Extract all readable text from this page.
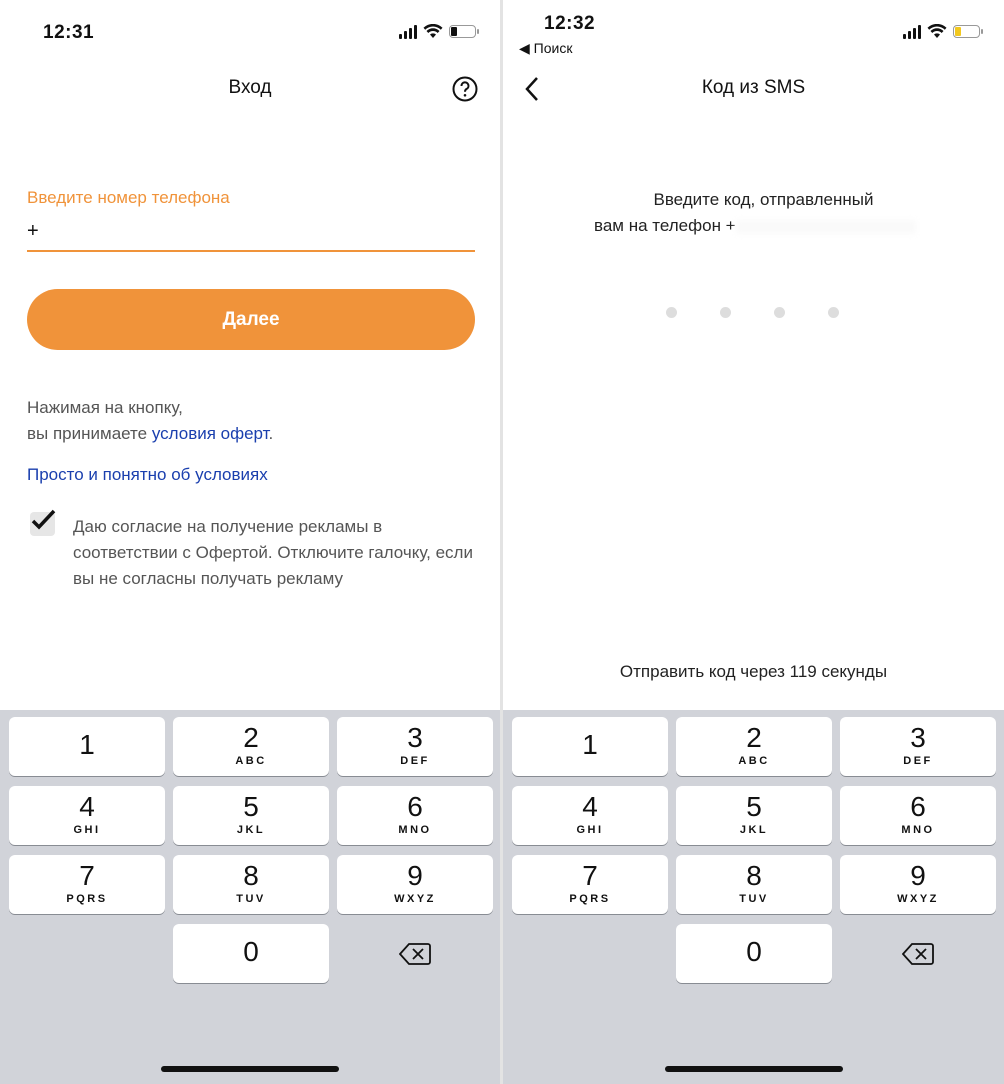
12:31
Вход
Введите номер телефона
+
Далее
Нажимая на кнопку,
вы принимаете условия оферт.
Просто и понятно об условиях
Даю согласие на получение рекламы в соответствии с Офертой. Отключите галочку, если вы не согласны получать рекламу
1	2
ABC
3
DEF
4
GHI
5
JKL
6
MNO
7
PQRS
8
TUV
9
WXYZ
0
12:32
◀ Поиск
Код из SMS
Введите код, отправленный
вам на телефон +
Отправить код через 119 секунды
1	2
ABC
3
DEF
4
GHI
5
JKL
6
MNO
7
PQRS
8
TUV
9
WXYZ
0
